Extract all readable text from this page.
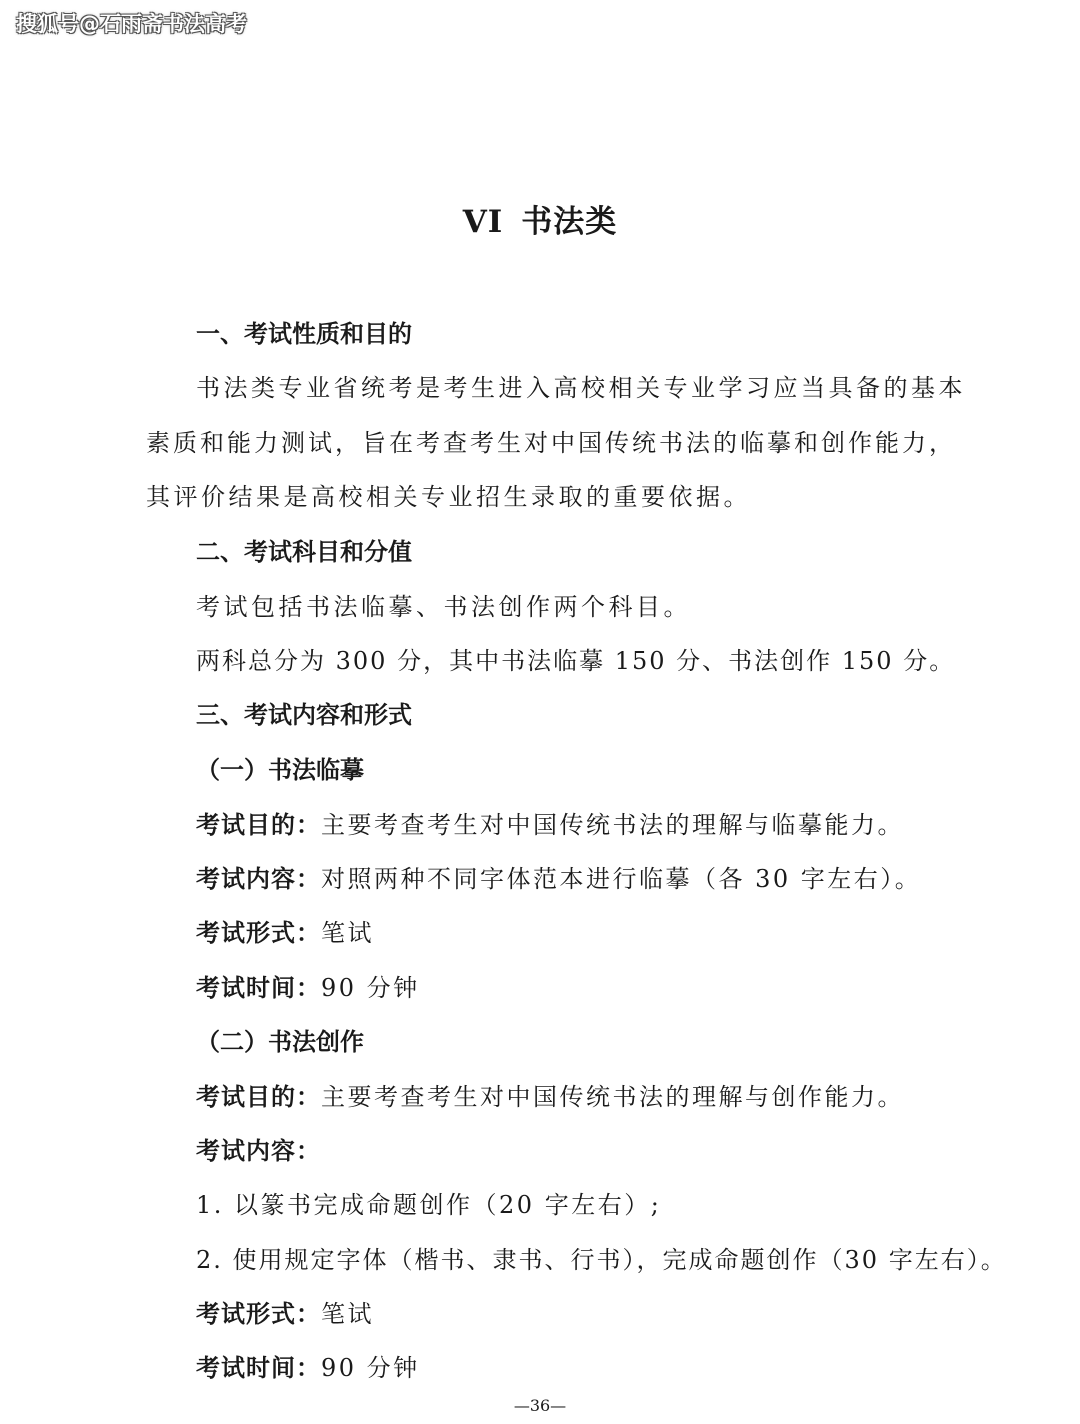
搜狐号@石雨斋书法高考
VI 书法类
一、考试性质和目的
书法类专业省统考是考生进入高校相关专业学习应当具备的基本
素质和能力测试，旨在考查考生对中国传统书法的临摹和创作能力，
其评价结果是高校相关专业招生录取的重要依据。
二、考试科目和分值
考试包括书法临摹、书法创作两个科目。
两科总分为 300 分，其中书法临摹 150 分、书法创作 150 分。
三、考试内容和形式
（一）书法临摹
考试目的：主要考查考生对中国传统书法的理解与临摹能力。
考试内容：对照两种不同字体范本进行临摹（各 30 字左右）。
考试形式：笔试
考试时间：90 分钟
（二）书法创作
考试目的：主要考查考生对中国传统书法的理解与创作能力。
考试内容：
1. 以篆书完成命题创作（20 字左右）;
2. 使用规定字体（楷书、隶书、行书），完成命题创作（30 字左右）。
考试形式：笔试
考试时间：90 分钟
—36—
